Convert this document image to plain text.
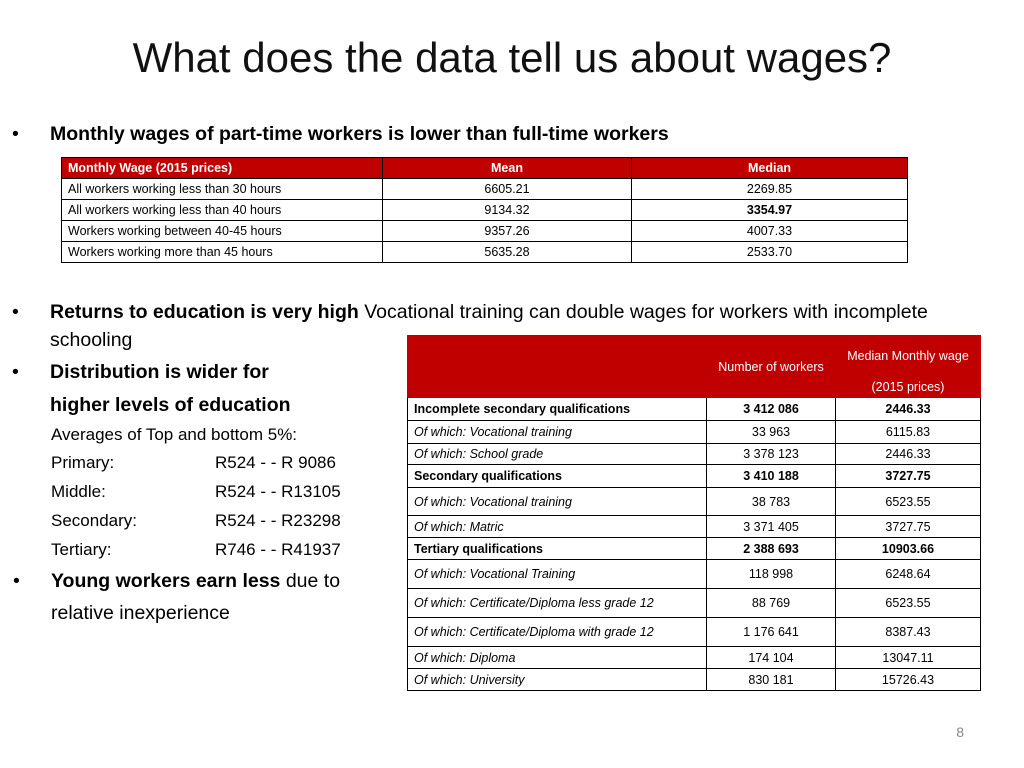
What does the data tell us about wages?
• Monthly wages of part-time workers is lower than full-time workers
Monthly Wage (2015 prices)	Mean	Median
All workers working less than 30 hours	6605.21	2269.85
All workers working less than 40 hours	9134.32	3354.97
Workers working between 40-45 hours	9357.26	4007.33
Workers working more than 45 hours	5635.28	2533.70
• Returns to education is very high Vocational training can double wages for workers with incomplete
schooling
• Distribution is wider for
higher levels of education
Averages of Top and bottom 5%:
Primary:	R524 - - R 9086
Middle:	R524 - - R13105
Secondary:	R524 - - R23298
Tertiary:	R746 - - R41937
• Young workers earn less due to
relative inexperience
	Number of workers	Median Monthly wage
		(2015 prices)
Incomplete secondary qualifications	3 412 086	2446.33
Of which: Vocational training	33 963	6115.83
Of which: School grade	3 378 123	2446.33
Secondary qualifications	3 410 188	3727.75
Of which: Vocational training	38 783	6523.55
Of which: Matric	3 371 405	3727.75
Tertiary qualifications	2 388 693	10903.66
Of which: Vocational Training	118 998	6248.64
Of which: Certificate/Diploma less grade 12	88 769	6523.55
Of which: Certificate/Diploma with grade 12	1 176 641	8387.43
Of which: Diploma	174 104	13047.11
Of which: University	830 181	15726.43
8
